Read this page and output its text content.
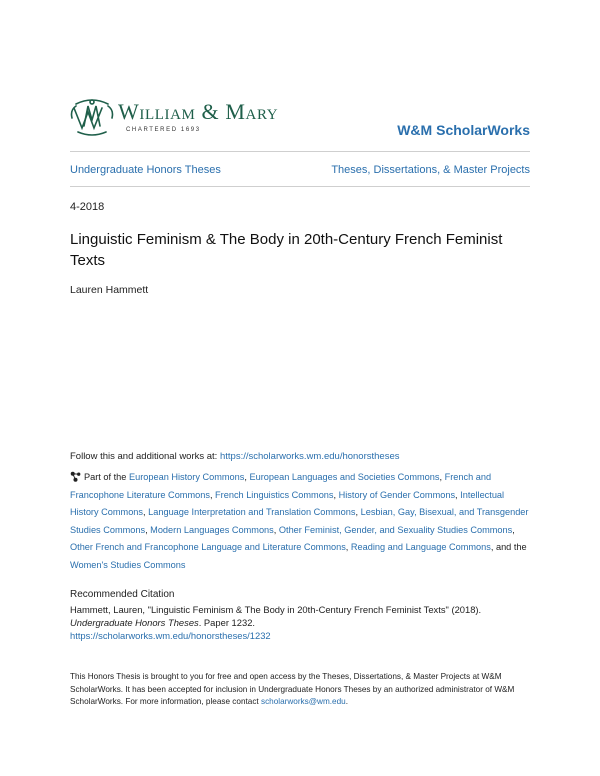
William & Mary
CHARTERED 1693	W&M ScholarWorks
Undergraduate Honors Theses	Theses, Dissertations, & Master Projects
4-2018
Linguistic Feminism & The Body in 20th-Century French Feminist Texts
Lauren Hammett
Follow this and additional works at: https://scholarworks.wm.edu/honorstheses
Part of the European History Commons, European Languages and Societies Commons, French and Francophone Literature Commons, French Linguistics Commons, History of Gender Commons, Intellectual History Commons, Language Interpretation and Translation Commons, Lesbian, Gay, Bisexual, and Transgender Studies Commons, Modern Languages Commons, Other Feminist, Gender, and Sexuality Studies Commons, Other French and Francophone Language and Literature Commons, Reading and Language Commons, and the Women's Studies Commons
Recommended Citation
Hammett, Lauren, "Linguistic Feminism & The Body in 20th-Century French Feminist Texts" (2018).
Undergraduate Honors Theses. Paper 1232.
https://scholarworks.wm.edu/honorstheses/1232
This Honors Thesis is brought to you for free and open access by the Theses, Dissertations, & Master Projects at W&M ScholarWorks. It has been accepted for inclusion in Undergraduate Honors Theses by an authorized administrator of W&M ScholarWorks. For more information, please contact scholarworks@wm.edu.
